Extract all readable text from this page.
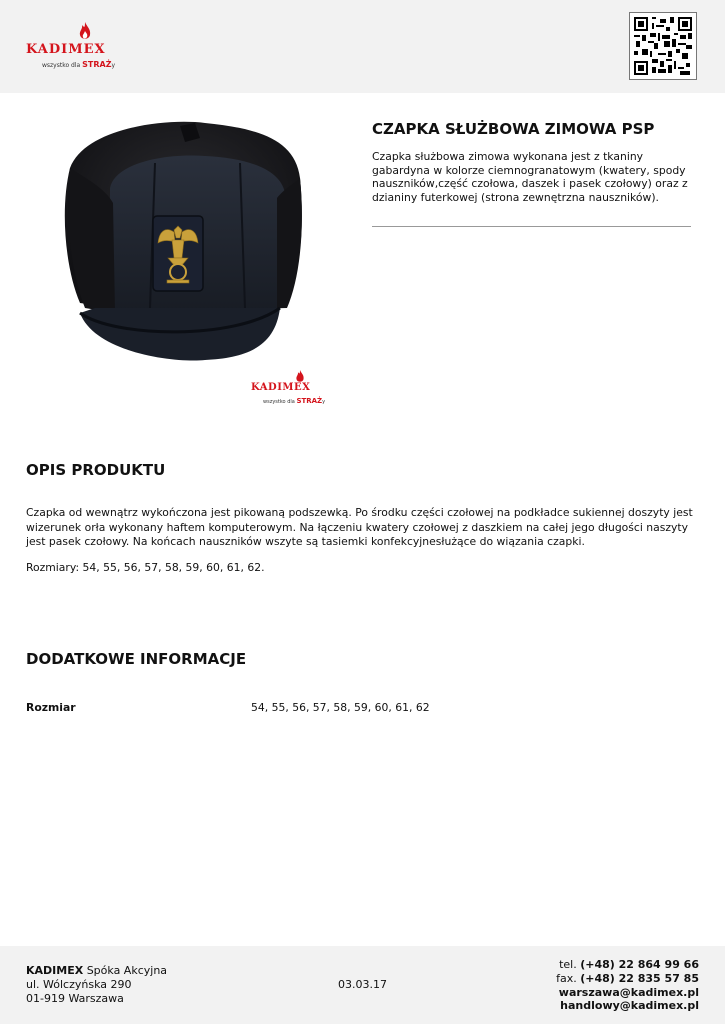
KADIMEX
wszystko dla STRAŻy
KADIMEX
wszystko dla STRAŻy
CZAPKA SŁUŻBOWA ZIMOWA PSP

Czapka służbowa zimowa wykonana jest z tkaniny gabardyna w kolorze ciemnogranatowym (kwatery, spody nauszników,część czołowa, daszek i pasek czołowy) oraz z dzianiny futerkowej (strona zewnętrzna nauszników).

OPIS PRODUKTU

Czapka od wewnątrz wykończona jest pikowaną podszewką. Po środku części czołowej na podkładce sukiennej doszyty jest wizerunek orła wykonany haftem komputerowym. Na łączeniu kwatery czołowej z daszkiem na całej jego długości naszyty jest pasek czołowy. Na końcach nauszników wszyte są tasiemki konfekcyjnesłużące do wiązania czapki.

Rozmiary: 54, 55, 56, 57, 58, 59, 60, 61, 62.

DODATKOWE INFORMACJE
Rozmiar	54, 55, 56, 57, 58, 59, 60, 61, 62
KADIMEX Spóka Akcyjna
ul. Wólczyńska 290
01-919 Warszawa
03.03.17
tel. (+48) 22 864 99 66
fax. (+48) 22 835 57 85
warszawa@kadimex.pl
handlowy@kadimex.pl
